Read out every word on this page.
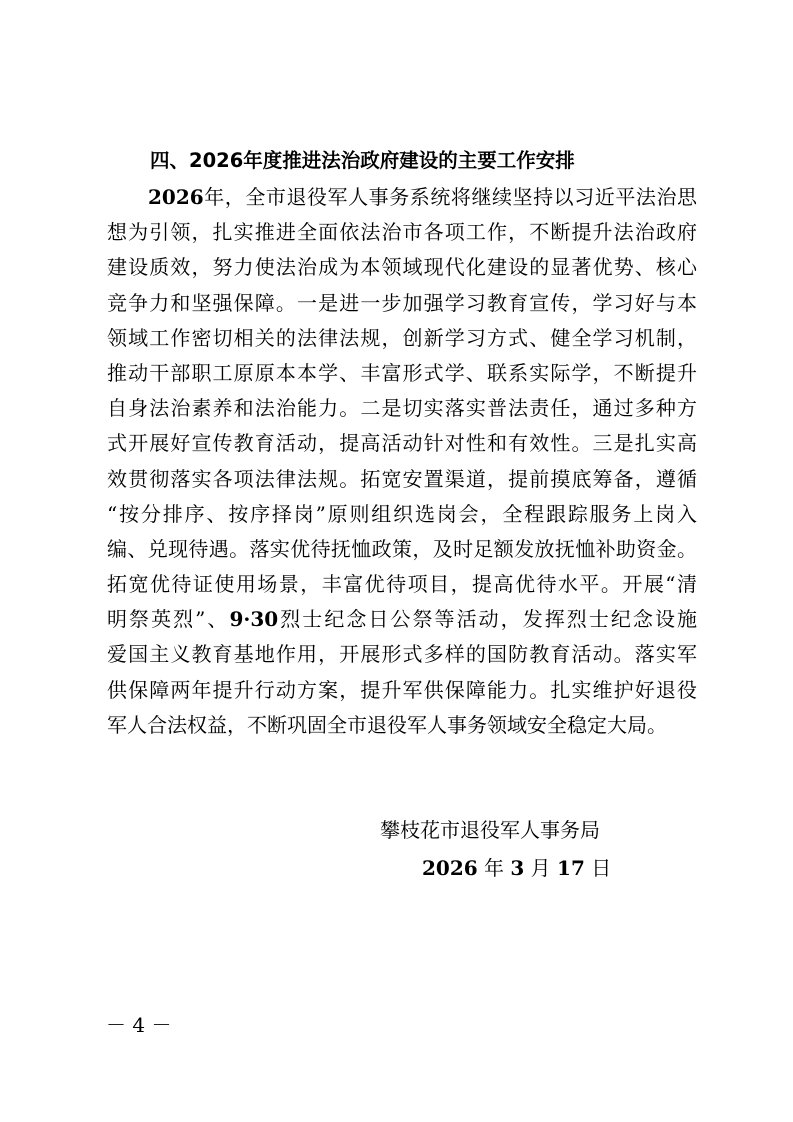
四、2026年度推进法治政府建设的主要工作安排
2026年，全市退役军人事务系统将继续坚持以习近平法治思
想为引领，扎实推进全面依法治市各项工作，不断提升法治政府
建设质效，努力使法治成为本领域现代化建设的显著优势、核心
竞争力和坚强保障。一是进一步加强学习教育宣传，学习好与本
领域工作密切相关的法律法规，创新学习方式、健全学习机制，
推动干部职工原原本本学、丰富形式学、联系实际学，不断提升
自身法治素养和法治能力。二是切实落实普法责任，通过多种方
式开展好宣传教育活动，提高活动针对性和有效性。三是扎实高
效贯彻落实各项法律法规。拓宽安置渠道，提前摸底筹备，遵循
“按分排序、按序择岗”原则组织选岗会，全程跟踪服务上岗入
编、兑现待遇。落实优待抚恤政策，及时足额发放抚恤补助资金。
拓宽优待证使用场景，丰富优待项目，提高优待水平。开展“清
明祭英烈”、9·30烈士纪念日公祭等活动，发挥烈士纪念设施
爱国主义教育基地作用，开展形式多样的国防教育活动。落实军
供保障两年提升行动方案，提升军供保障能力。扎实维护好退役
军人合法权益，不断巩固全市退役军人事务领域安全稳定大局。
攀枝花市退役军人事务局
2026 年 3 月 17 日
－ 4 －
